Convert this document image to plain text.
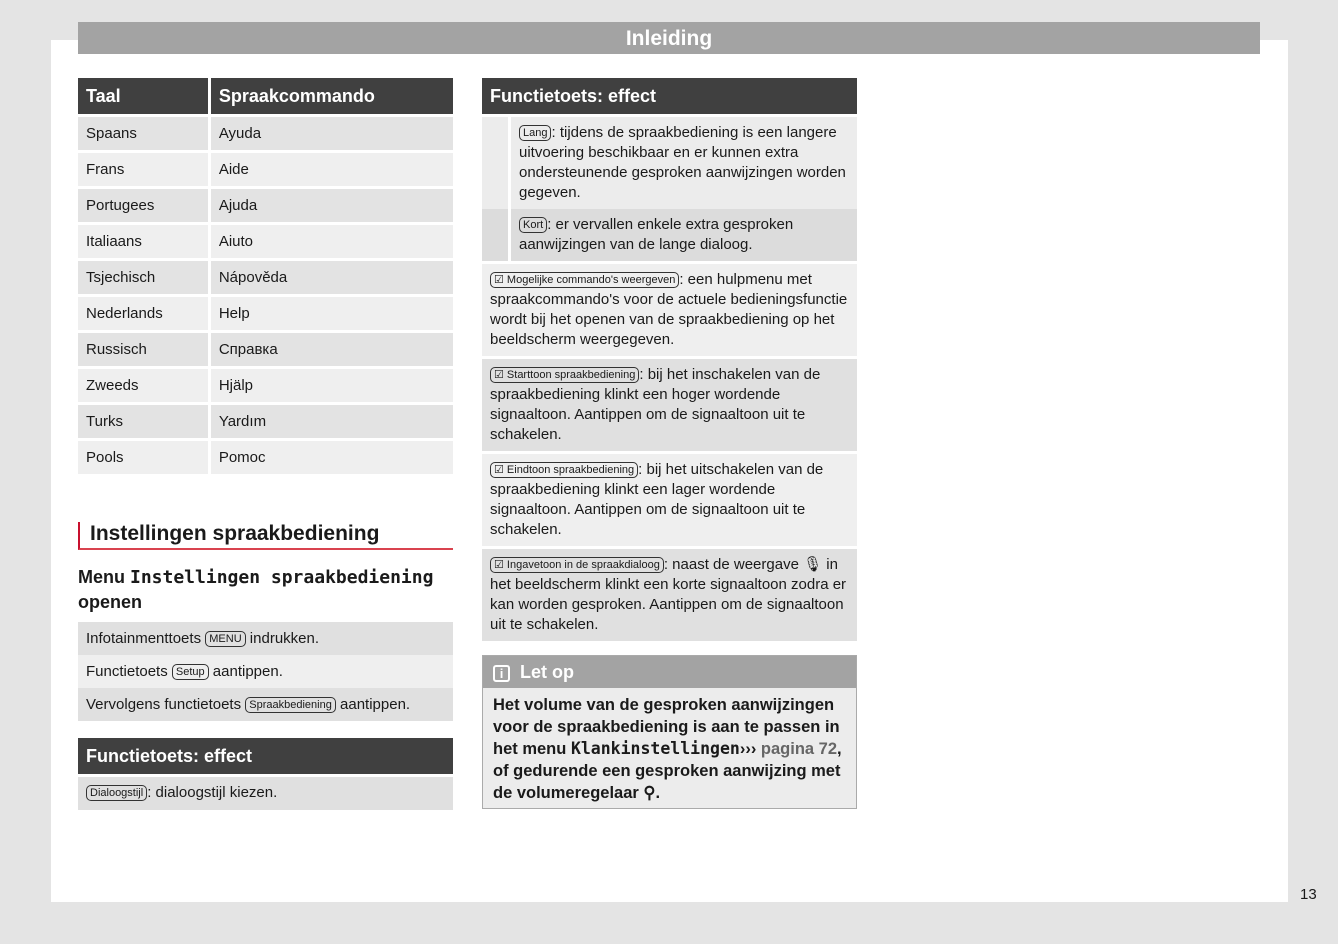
Inleiding
13
Taal	Spraakcommando
Spaans	Ayuda
Frans	Aide
Portugees	Ajuda
Italiaans	Aiuto
Tsjechisch	Nápověda
Nederlands	Help
Russisch	Справка
Zweeds	Hjälp
Turks	Yardım
Pools	Pomoc
Instellingen spraakbediening
Menu Instellingen spraakbediening
openen
Infotainmenttoets MENU indrukken.
Functietoets Setup aantippen.
Vervolgens functietoets Spraakbediening aantippen.
Functietoets: effect
Dialoogstijl : dialoogstijl kiezen.
Functietoets: effect
Lang : tijdens de spraakbediening is een langere uitvoering beschikbaar en er kunnen extra ondersteunende gesproken aanwijzingen worden gegeven.
Kort : er vervallen enkele extra gesproken aanwijzingen van de lange dialoog.
☑ Mogelijke commando's weergeven : een hulpmenu met spraakcommando's voor de actuele bedieningsfunctie wordt bij het openen van de spraakbediening op het beeldscherm weergegeven.
☑ Starttoon spraakbediening : bij het inschakelen van de spraakbediening klinkt een hoger wordende signaaltoon. Aantippen om de signaaltoon uit te schakelen.
☑ Eindtoon spraakbediening : bij het uitschakelen van de spraakbediening klinkt een lager wordende signaaltoon. Aantippen om de signaaltoon uit te schakelen.
☑ Ingavetoon in de spraakdialoog : naast de weergave 🎙 in het beeldscherm klinkt een korte signaaltoon zodra er kan worden gesproken. Aantippen om de signaaltoon uit te schakelen.
i Let op
Het volume van de gesproken aanwijzingen voor de spraakbediening is aan te passen in het menu Klankinstellingen››› pagina 72, of gedurende een gesproken aanwijzing met de volumeregelaar ⚲.
